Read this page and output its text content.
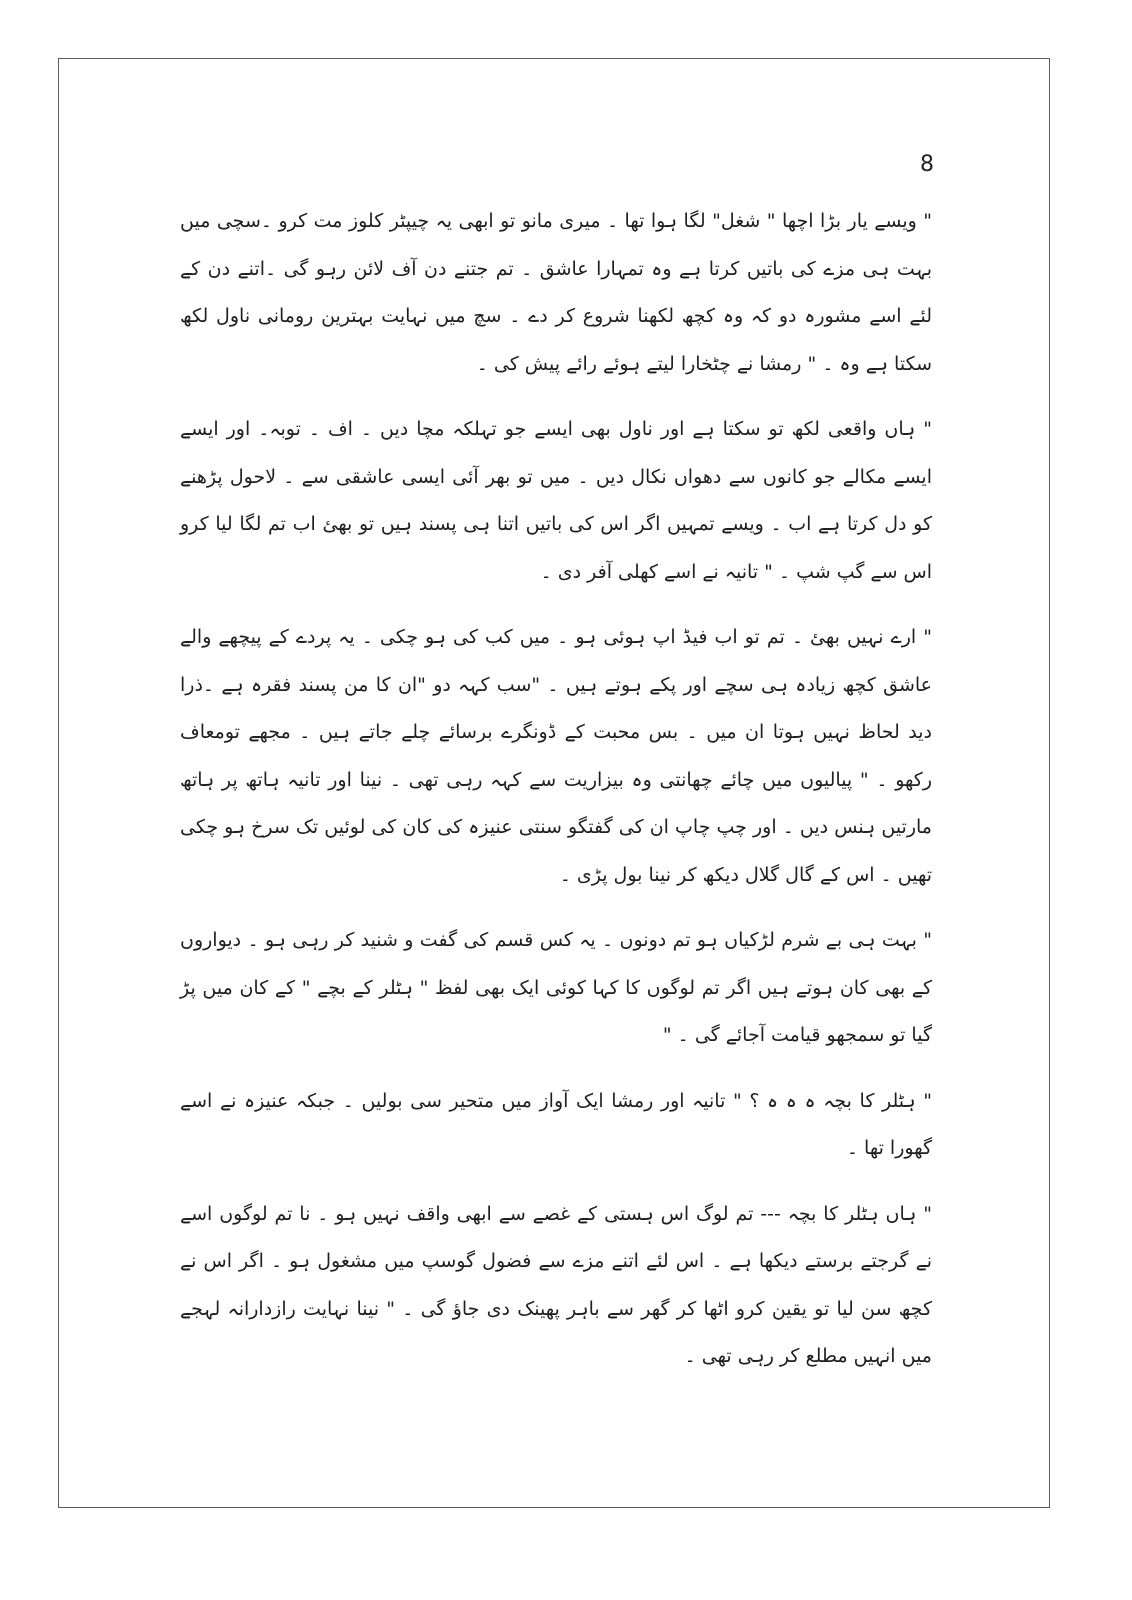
8

" ویسے یار بڑا اچھا " شغل" لگا ہوا تھا ۔ میری مانو تو ابھی یہ چیپٹر کلوز مت کرو ۔سچی میں بہت ہی مزے کی باتیں کرتا ہے وہ تمہارا عاشق ۔ تم جتنے دن آف لائن رہو گی ۔اتنے دن کے لئے اسے مشورہ دو کہ وہ کچھ لکھنا شروع کر دے ۔ سچ میں نہایت بہترین رومانی ناول لکھ سکتا ہے وہ ۔ " رمشا نے چٹخارا لیتے ہوئے رائے پیش کی ۔

" ہاں واقعی لکھ تو سکتا ہے اور ناول بھی ایسے جو تہلکہ مچا دیں ۔ اف ۔ توبہ۔ اور ایسے ایسے مکالے جو کانوں سے دھواں نکال دیں ۔ میں تو بھر آئی ایسی عاشقی سے ۔ لاحول پڑھنے کو دل کرتا ہے اب ۔ ویسے تمہیں اگر اس کی باتیں اتنا ہی پسند ہیں تو بھئ اب تم لگا لیا کرو اس سے گپ شپ ۔ " تانیہ نے اسے کھلی آفر دی ۔

" ارے نہیں بھئ ۔ تم تو اب فیڈ اپ ہوئی ہو ۔ میں کب کی ہو چکی ۔ یہ پردے کے پیچھے والے عاشق کچھ زیادہ ہی سچے اور پکے ہوتے ہیں ۔ "سب کہہ دو "ان کا من پسند فقرہ ہے ۔ذرا دید لحاظ نہیں ہوتا ان میں ۔ بس محبت کے ڈونگرے برسائے چلے جاتے ہیں ۔ مجھے تومعاف رکھو ۔ " پیالیوں میں چائے چھانتی وہ بیزاریت سے کہہ رہی تھی ۔ نینا اور تانیہ ہاتھ پر ہاتھ مارتیں ہنس دیں ۔ اور چپ چاپ ان کی گفتگو سنتی عنیزہ کی کان کی لوئیں تک سرخ ہو چکی تھیں ۔ اس کے گال گلال دیکھ کر نینا بول پڑی ۔

" بہت ہی بے شرم لڑکیاں ہو تم دونوں ۔ یہ کس قسم کی گفت و شنید کر رہی ہو ۔ دیواروں کے بھی کان ہوتے ہیں اگر تم لوگوں کا کہا کوئی ایک بھی لفظ " ہٹلر کے بچے " کے کان میں پڑ گیا تو سمجھو قیامت آجائے گی ۔ "

" ہٹلر کا بچہ ہ ہ ہ ؟ " تانیہ اور رمشا ایک آواز میں متحیر سی بولیں ۔ جبکہ عنیزہ نے اسے گھورا تھا ۔

" ہاں ہٹلر کا بچہ --- تم لوگ اس ہستی کے غصے سے ابھی واقف نہیں ہو ۔ نا تم لوگوں اسے نے گرجتے برستے دیکھا ہے ۔ اس لئے اتنے مزے سے فضول گوسپ میں مشغول ہو ۔ اگر اس نے کچھ سن لیا تو یقین کرو اٹھا کر گھر سے باہر پھینک دی جاؤ گی ۔ " نینا نہایت رازدارانہ لہجے میں انہیں مطلع کر رہی تھی ۔
